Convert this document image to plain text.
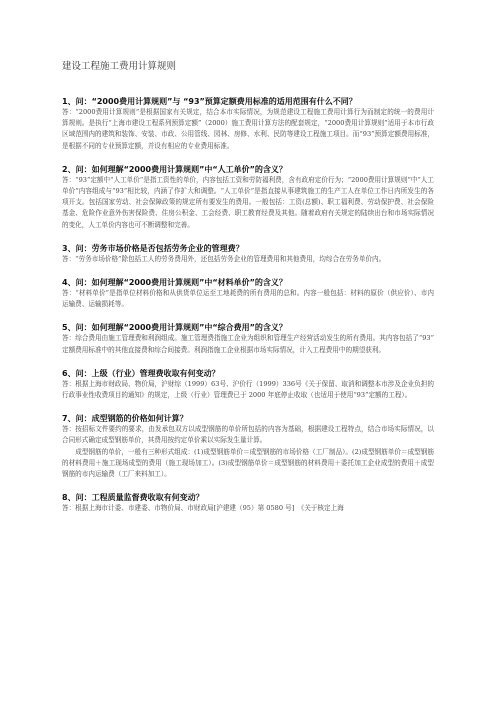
建设工程施工费用计算规则
1、问：“2000费用计算规则”与 “93”预算定额费用标准的适用范围有什么不同？

答：“2000费用计算规则”是根据国家有关规定，结合本市实际情况，为规范建设工程施工费用计算行为而制定的统一的费用计算规则。是执行“上海市建设工程系列预算定额”（2000）施工费用计算方法的配套规定，“2000费用计算规则”适用于本市行政区域范围内的建筑和装饰、安装、市政、公用管线、园林、房修、水利、民防等建设工程施工项目。而“93”预算定额费用标准，是根据不同的专业预算定额，并设有相应的专业费用标准。

2、问：如何理解“2000费用计算规则”中“人工单价”的含义？

答：“93”定额中“人工单价”是指工资性的单价，内容包括工资和劳防福利费，含有政府定价行为；“2000费用计算规则”中“人工单价”内容组成与“93”相比较，内涵了作扩大和调整。“人工单价”是指直接从事建筑施工的生产工人在单位工作日内所发生的各项开支。包括国家劳动、社会保障政策的规定所有要发生的费用。一般包括：工资(总额)、职工福利费、劳动保护费、社会保险基金、危险作业意外伤害保险费、住房公积金、工会经费、职工教育经费及其他。随着政府有关规定的陆续出台和市场实际情况的变化，人工单价内容也可不断调整和完善。

3、问：劳务市场价格是否包括劳务企业的管理费？

答：“劳务市场价格”除包括工人的劳务费用外，还包括劳务企业的管理费用和其他费用，均综合在劳务单价内。

4、问：如何理解“2000费用计算规则”中“材料单价”的含义？

答：“材料单价”是指单位材料价格和从供货单位运至工地耗费的所有费用的总和。内容一般包括：材料的原价（供应价）、市内运输费、运输损耗等。

5、问：如何理解“2000费用计算规则”中“综合费用”的含义？

答：综合费用由施工管理费和利润组成。施工管理费指施工企业为组织和管理生产经营活动发生的所有费用。其内容包括了“93” 定额费用标准中的其他直接费和综合间接费。利润指施工企业根据市场实际情况，计入工程费用中的期望获利。

6、问：上级（行业）管理费收取有何变动？

答：根据上海市财政局、物价局，沪财综（1999）63号、沪价行（1999）336号《关于保留、取消和调整本市涉及企业负担的行政事业性收费项目的通知》的规定，上级（行业）管理费已于 2000 年底停止收取（也适用于使用“93”定额的工程）。

7、问：成型钢筋的价格如何计算？

答：按招标文件要约的要求，由发承包双方以成型钢筋的单价所包括的内容为基础，根据建设工程特点，结合市场实际情况，以合同形式确定成型钢筋单价，其费用按约定单价乘以实际发生量计算。

成型钢筋的单价，一般有三种形式组成：(1)成型钢筋单价＝成型钢筋的市场价格（工厂制品）。(2)成型钢筋单价＝成型钢筋的材料费用＋施工现场成型的费用（施工现场加工）。(3)成型钢筋单价＝成型钢筋的材料费用＋委托加工企业成型的费用＋成型钢筋的市内运输费（工厂来料加工）。

8、问：工程质量监督费收取有何变动？

答：根据上海市计委、市建委、市物价局、市财政局[沪建建（95）第 0580 号]　《关于核定上海
